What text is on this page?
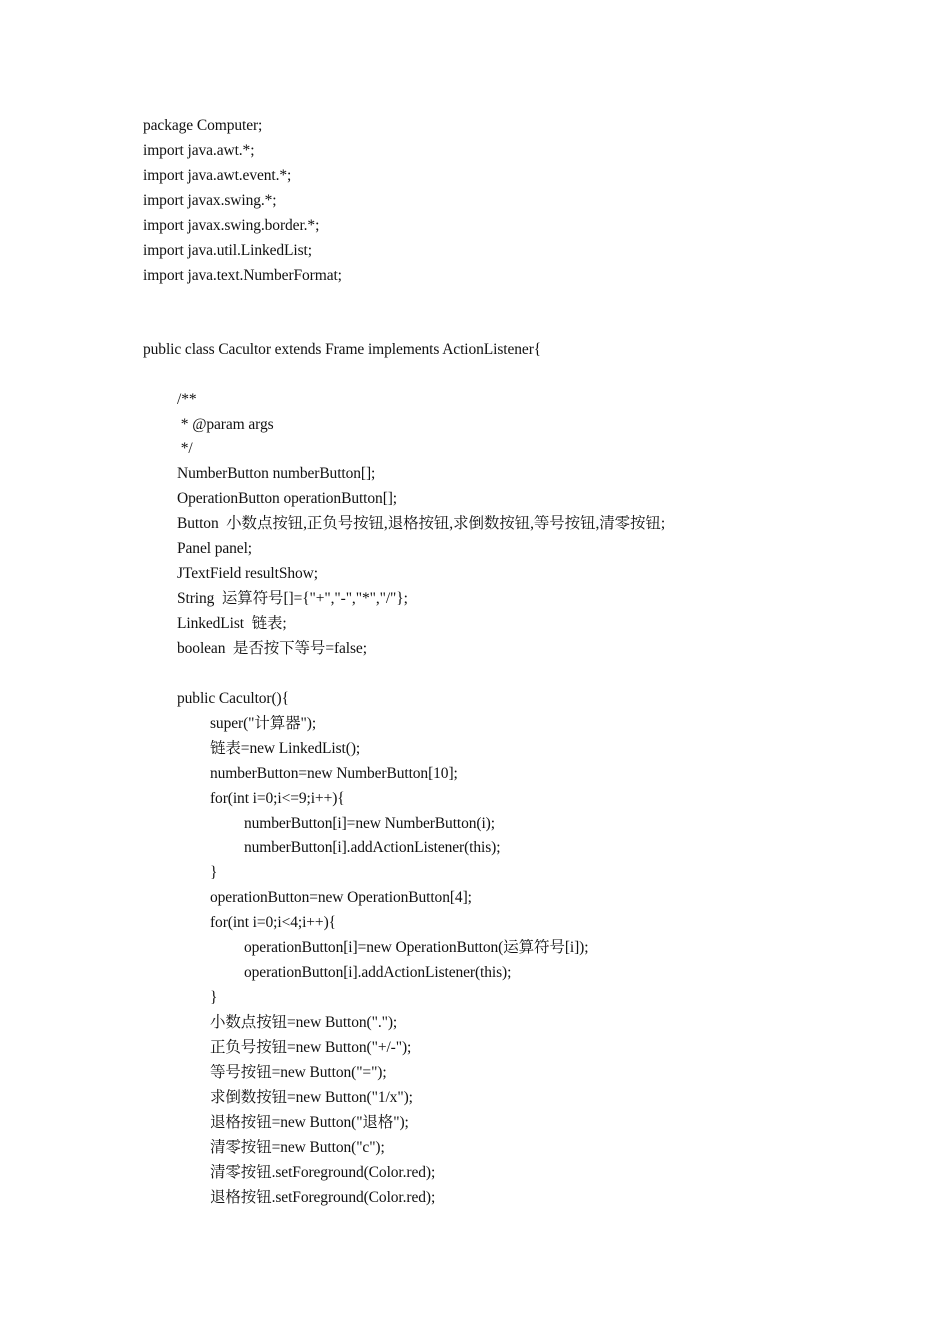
package Computer;
import java.awt.*;
import java.awt.event.*;
import javax.swing.*;
import javax.swing.border.*;
import java.util.LinkedList;
import java.text.NumberFormat;
public class Cacultor extends Frame implements ActionListener{
/**
* @param args
*/
NumberButton numberButton[];
OperationButton operationButton[];
Button  小数点按钮,正负号按钮,退格按钮,求倒数按钮,等号按钮,清零按钮;
Panel panel;
JTextField resultShow;
String  运算符号[]={"+","-","*","/"};
LinkedList  链表;
boolean  是否按下等号=false;
public Cacultor(){
super("计算器");
链表=new LinkedList();
numberButton=new NumberButton[10];
for(int i=0;i<=9;i++){
numberButton[i]=new NumberButton(i);
numberButton[i].addActionListener(this);
}
operationButton=new OperationButton[4];
for(int i=0;i<4;i++){
operationButton[i]=new OperationButton(运算符号[i]);
operationButton[i].addActionListener(this);
}
小数点按钮=new Button(".");
正负号按钮=new Button("+/-");
等号按钮=new Button("=");
求倒数按钮=new Button("1/x");
退格按钮=new Button("退格");
清零按钮=new Button("c");
清零按钮.setForeground(Color.red);
退格按钮.setForeground(Color.red);
